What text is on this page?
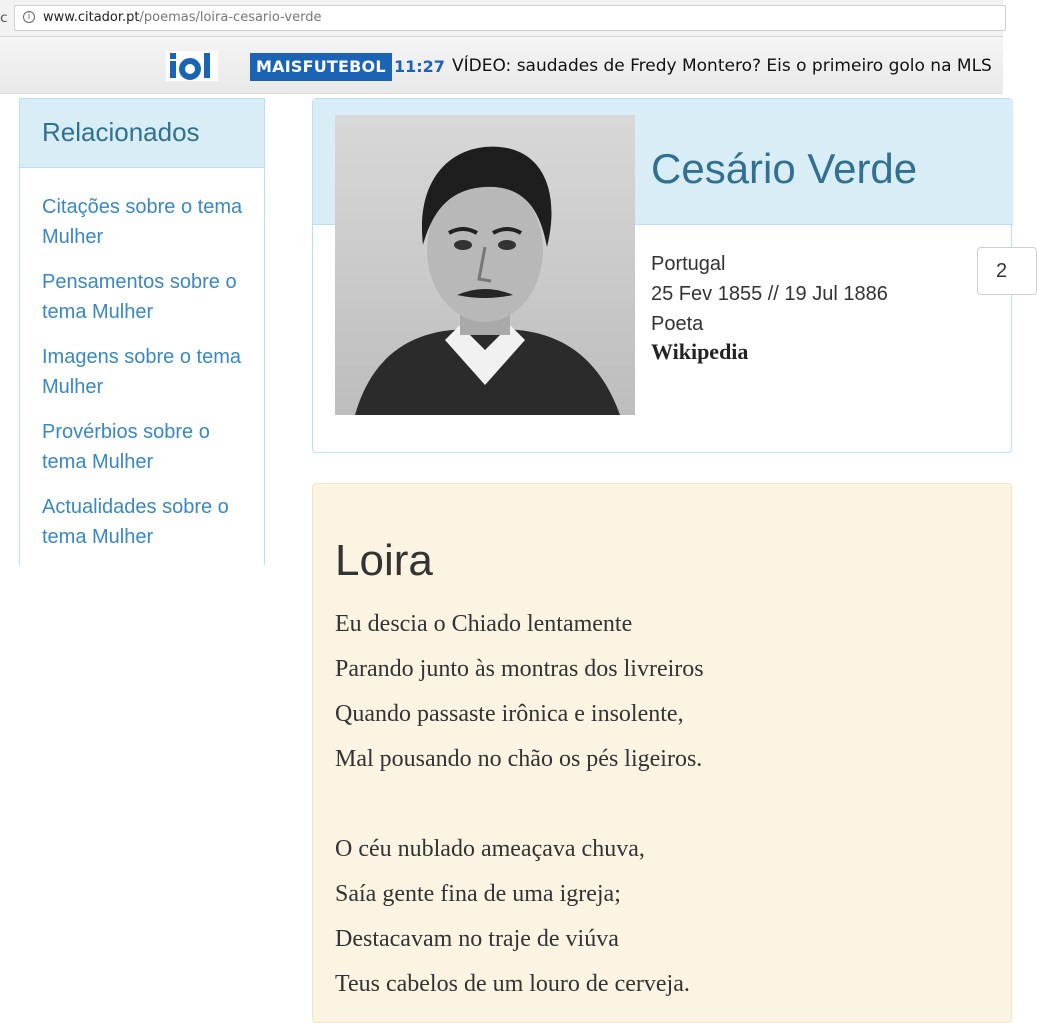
ⅽ	i www.citador.pt/poemas/loira-cesario-verde
MAISFUTEBOL 11:27 VÍDEO: saudades de Fredy Montero? Eis o primeiro golo na MLS
Relacionados
Citações sobre o tema Mulher
Pensamentos sobre o tema Mulher
Imagens sobre o tema Mulher
Provérbios sobre o tema Mulher
Actualidades sobre o tema Mulher
Cesário Verde
Portugal
25 Fev 1855 // 19 Jul 1886
Poeta
Wikipedia
2
Loira
Eu descia o Chiado lentamente
Parando junto às montras dos livreiros
Quando passaste irônica e insolente,
Mal pousando no chão os pés ligeiros.
O céu nublado ameaçava chuva,
Saía gente fina de uma igreja;
Destacavam no traje de viúva
Teus cabelos de um louro de cerveja.
